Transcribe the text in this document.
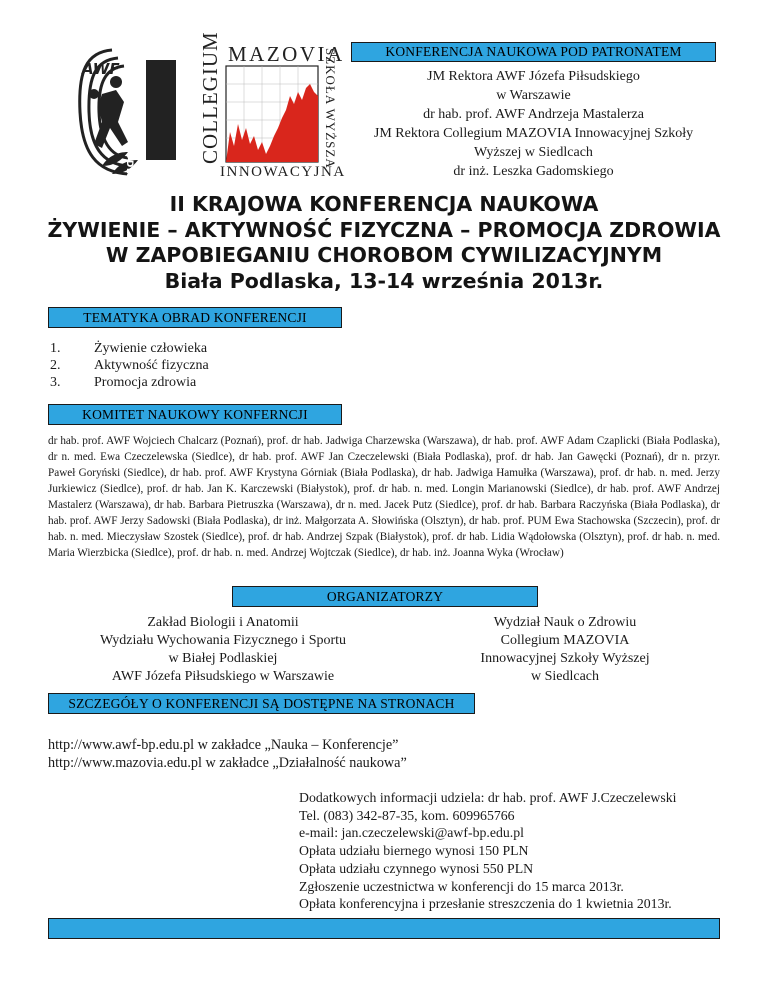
AWF
BIAŁA PODLASKA
MAZOVIA
COLLEGIUM	SZKOŁA WYŻSZA
INNOWACYJNA
KONFERENCJA NAUKOWA POD PATRONATEM
JM Rektora AWF Józefa Piłsudskiego
w Warszawie
dr hab. prof. AWF Andrzeja Mastalerza
JM Rektora Collegium MAZOVIA Innowacyjnej Szkoły
Wyższej w Siedlcach
dr inż. Leszka Gadomskiego
II KRAJOWA KONFERENCJA NAUKOWA
ŻYWIENIE – AKTYWNOŚĆ FIZYCZNA – PROMOCJA ZDROWIA
W ZAPOBIEGANIU CHOROBOM CYWILIZACYJNYM
Biała Podlaska, 13-14 września 2013r.
TEMATYKA OBRAD KONFERENCJI
1.	Żywienie człowieka
2.	Aktywność fizyczna
3.	Promocja zdrowia
KOMITET NAUKOWY KONFERNCJI
dr hab. prof. AWF Wojciech Chalcarz (Poznań), prof. dr hab. Jadwiga Charzewska (Warszawa), dr hab. prof. AWF Adam Czaplicki (Biała Podlaska), dr n. med. Ewa Czeczelewska (Siedlce), dr hab. prof. AWF Jan Czeczelewski (Biała Podlaska), prof. dr hab. Jan Gawęcki (Poznań), dr n. przyr. Paweł Goryński (Siedlce), dr hab. prof. AWF Krystyna Górniak (Biała Podlaska), dr hab. Jadwiga Hamułka (Warszawa), prof. dr hab. n. med. Jerzy Jurkiewicz (Siedlce), prof. dr hab. Jan K. Karczewski (Białystok), prof. dr hab. n. med. Longin Marianowski (Siedlce), dr hab. prof. AWF Andrzej Mastalerz (Warszawa), dr hab. Barbara Pietruszka (Warszawa), dr n. med. Jacek Putz (Siedlce), prof. dr hab. Barbara Raczyńska (Biała Podlaska), dr hab. prof. AWF Jerzy Sadowski (Biała Podlaska), dr inż. Małgorzata A. Słowińska (Olsztyn), dr hab. prof. PUM Ewa Stachowska (Szczecin), prof. dr hab. n. med. Mieczysław Szostek (Siedlce), prof. dr hab. Andrzej Szpak (Białystok), prof. dr hab. Lidia Wądołowska (Olsztyn), prof. dr hab. n. med. Maria Wierzbicka (Siedlce), prof. dr hab. n. med. Andrzej Wojtczak (Siedlce), dr hab. inż. Joanna Wyka (Wrocław)
ORGANIZATORZY
Zakład Biologii i Anatomii
Wydziału Wychowania Fizycznego i Sportu
w Białej Podlaskiej
AWF Józefa Piłsudskiego w Warszawie
Wydział Nauk o Zdrowiu
Collegium MAZOVIA
Innowacyjnej Szkoły Wyższej
w Siedlcach
SZCZEGÓŁY O KONFERENCJI SĄ DOSTĘPNE NA STRONACH
http://www.awf-bp.edu.pl w zakładce „Nauka – Konferencje”
http://www.mazovia.edu.pl w zakładce „Działalność naukowa”
Dodatkowych informacji udziela: dr hab. prof. AWF J.Czeczelewski
Tel. (083) 342-87-35, kom. 609965766
e-mail: jan.czeczelewski@awf-bp.edu.pl
Opłata udziału biernego wynosi 150 PLN
Opłata udziału czynnego wynosi 550 PLN
Zgłoszenie uczestnictwa w konferencji do 15 marca 2013r.
Opłata konferencyjna i przesłanie streszczenia do 1 kwietnia 2013r.
